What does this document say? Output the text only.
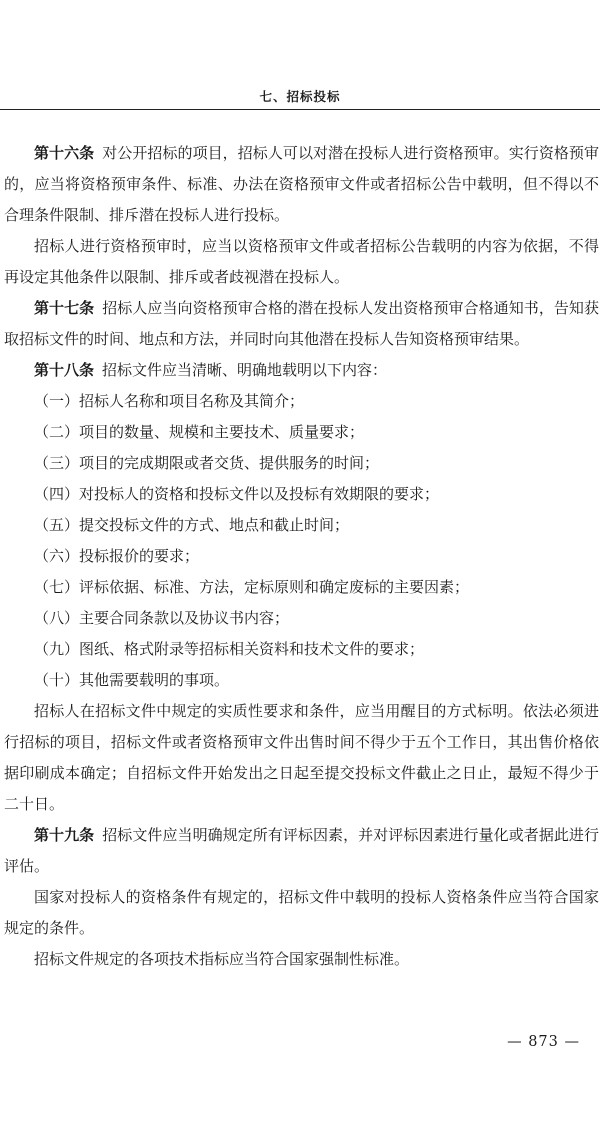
七、招标投标

第十六条 对公开招标的项目，招标人可以对潜在投标人进行资格预审。实行资格预审的，应当将资格预审条件、标准、办法在资格预审文件或者招标公告中载明，但不得以不合理条件限制、排斥潜在投标人进行投标。

招标人进行资格预审时，应当以资格预审文件或者招标公告载明的内容为依据，不得再设定其他条件以限制、排斥或者歧视潜在投标人。

第十七条 招标人应当向资格预审合格的潜在投标人发出资格预审合格通知书，告知获取招标文件的时间、地点和方法，并同时向其他潜在投标人告知资格预审结果。

第十八条 招标文件应当清晰、明确地载明以下内容：

（一）招标人名称和项目名称及其简介；

（二）项目的数量、规模和主要技术、质量要求；

（三）项目的完成期限或者交货、提供服务的时间；

（四）对投标人的资格和投标文件以及投标有效期限的要求；

（五）提交投标文件的方式、地点和截止时间；

（六）投标报价的要求；

（七）评标依据、标准、方法，定标原则和确定废标的主要因素；

（八）主要合同条款以及协议书内容；

（九）图纸、格式附录等招标相关资料和技术文件的要求；

（十）其他需要载明的事项。

招标人在招标文件中规定的实质性要求和条件，应当用醒目的方式标明。依法必须进行招标的项目，招标文件或者资格预审文件出售时间不得少于五个工作日，其出售价格依据印刷成本确定；自招标文件开始发出之日起至提交投标文件截止之日止，最短不得少于二十日。

第十九条 招标文件应当明确规定所有评标因素，并对评标因素进行量化或者据此进行评估。

国家对投标人的资格条件有规定的，招标文件中载明的投标人资格条件应当符合国家规定的条件。

招标文件规定的各项技术指标应当符合国家强制性标准。

— 873 —
